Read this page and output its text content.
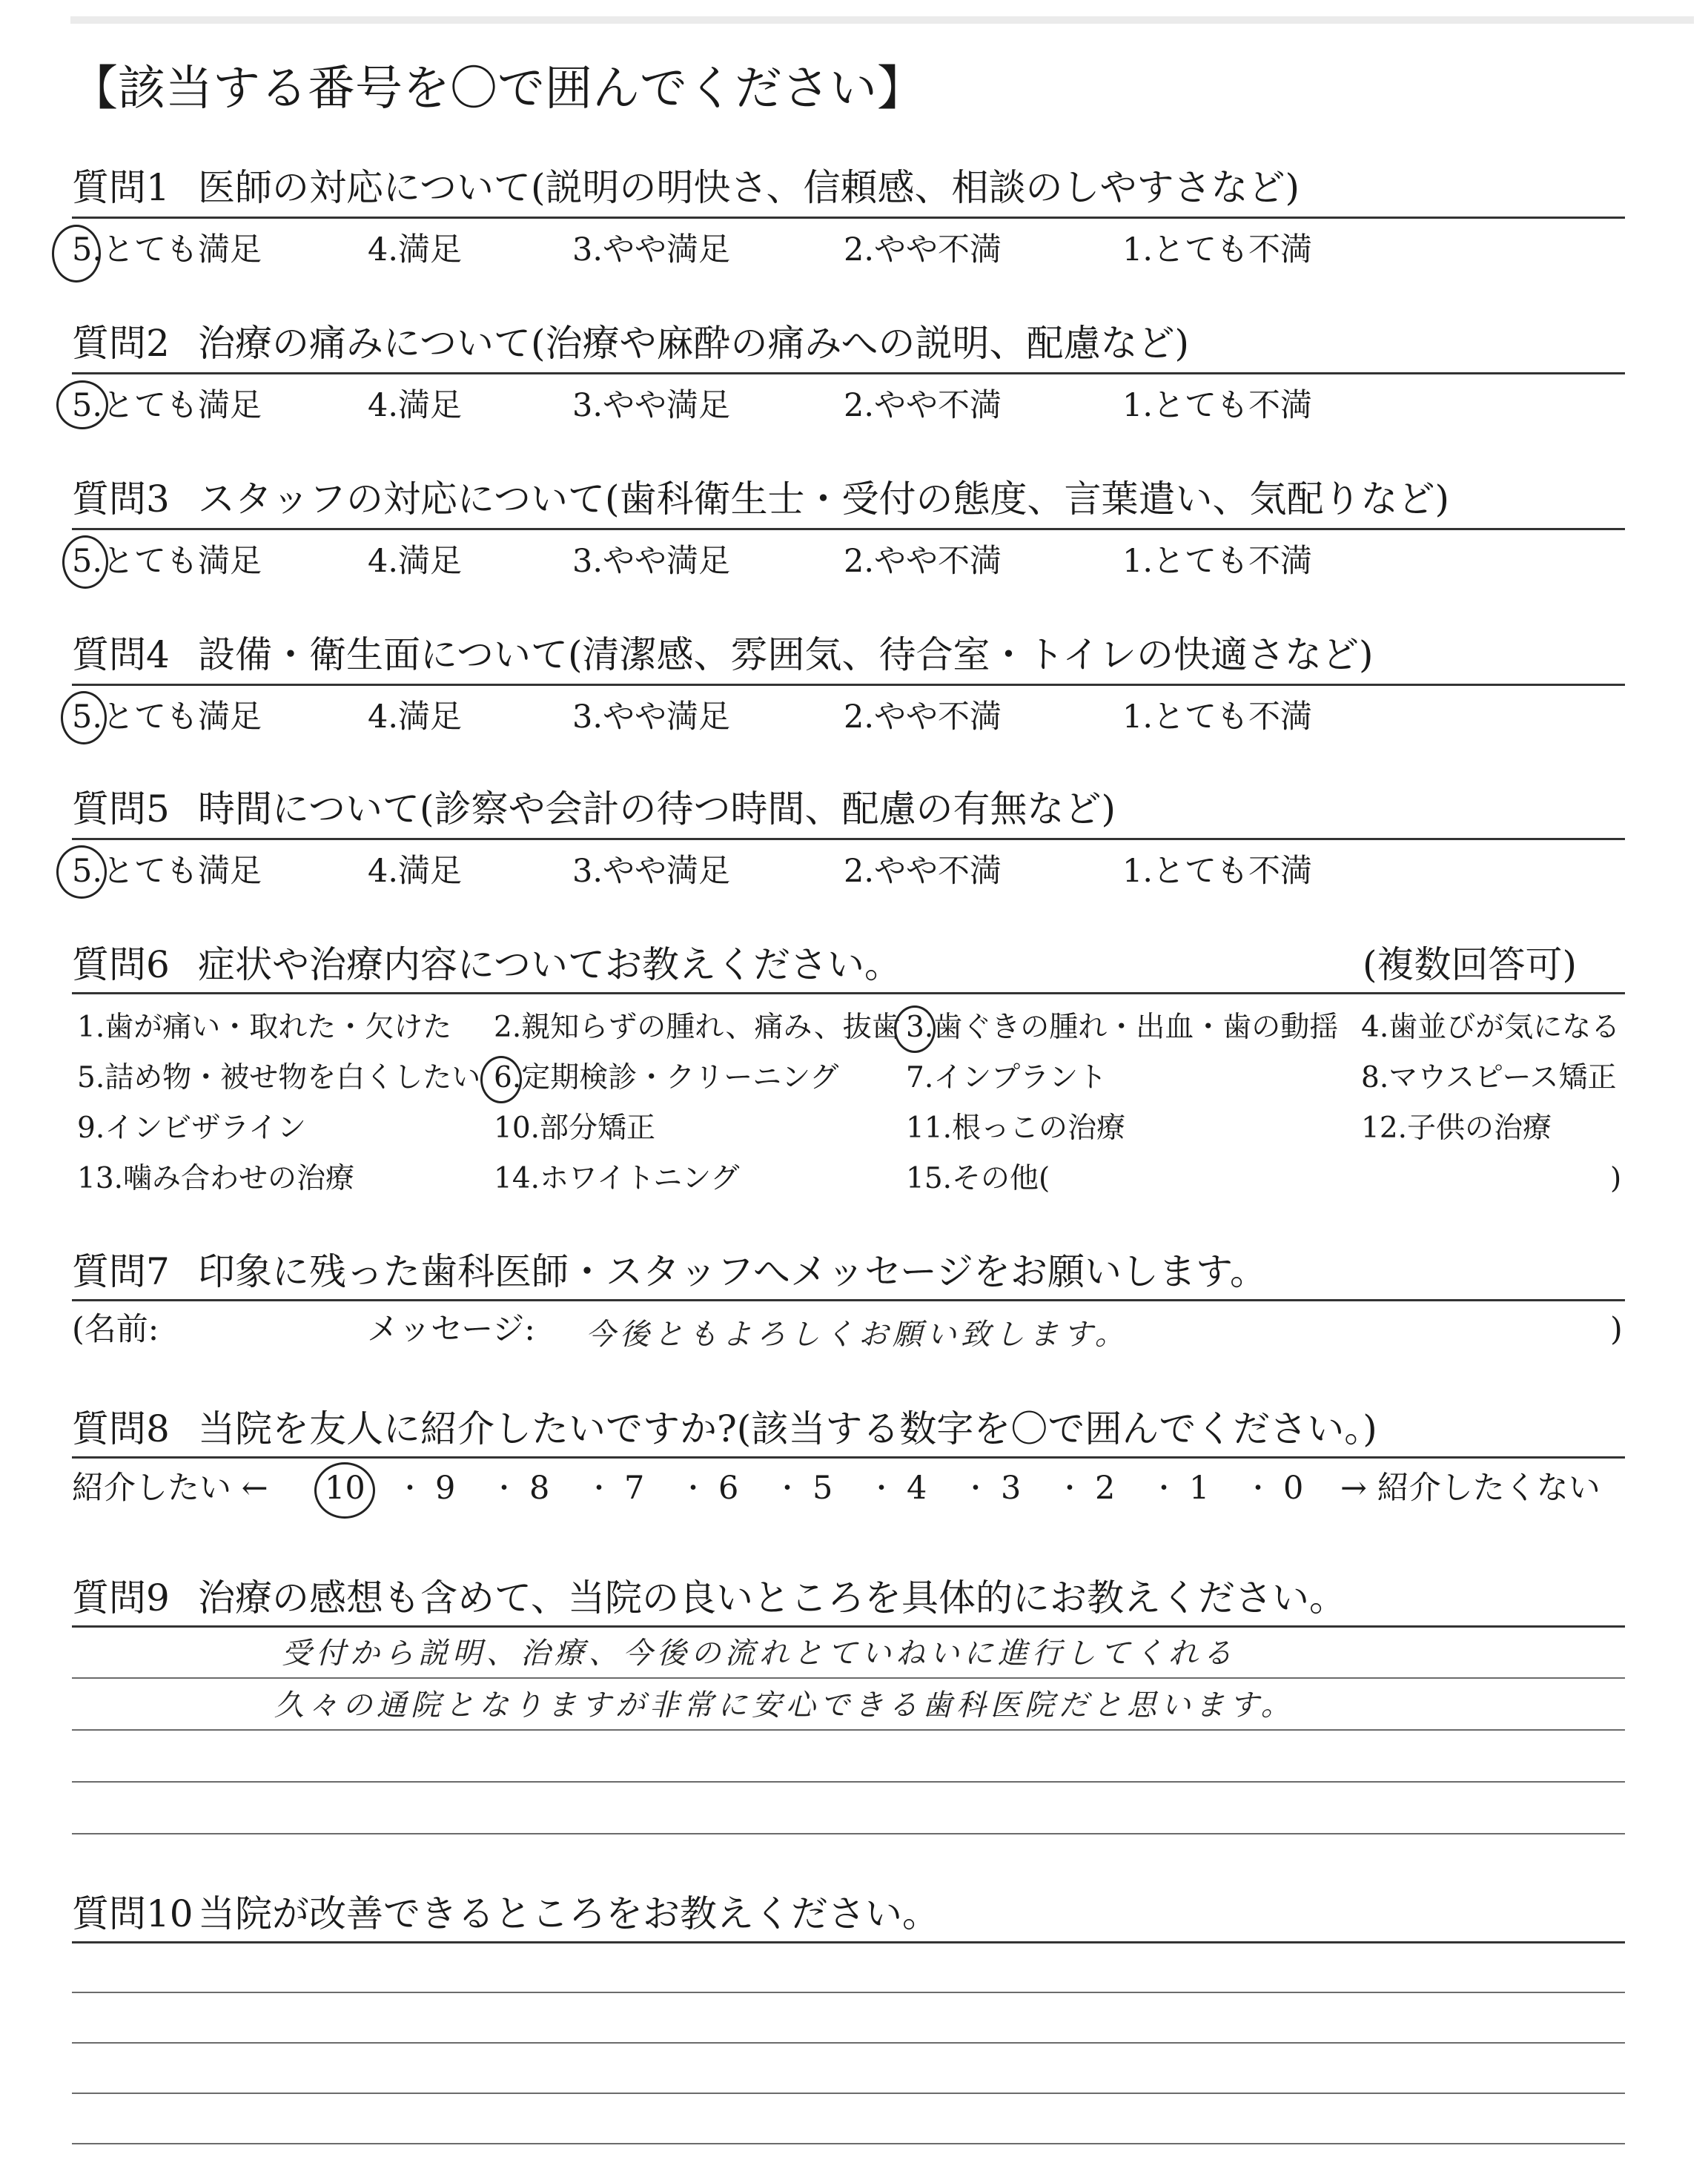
【該当する番号を〇で囲んでください】
質問1 医師の対応について(説明の明快さ、信頼感、相談のしやすさなど)
5.とても満足	4.満足	3.やや満足	2.やや不満	1.とても不満
質問2 治療の痛みについて(治療や麻酔の痛みへの説明、配慮など)
5.とても満足	4.満足	3.やや満足	2.やや不満	1.とても不満
質問3 スタッフの対応について(歯科衛生士・受付の態度、言葉遣い、気配りなど)
5.とても満足	4.満足	3.やや満足	2.やや不満	1.とても不満
質問4 設備・衛生面について(清潔感、雰囲気、待合室・トイレの快適さなど)
5.とても満足	4.満足	3.やや満足	2.やや不満	1.とても不満
質問5 時間について(診察や会計の待つ時間、配慮の有無など)
5.とても満足	4.満足	3.やや満足	2.やや不満	1.とても不満
質問6 症状や治療内容についてお教えください。	(複数回答可)
1.歯が痛い・取れた・欠けた 2.親知らずの腫れ、痛み、抜歯 3.歯ぐきの腫れ・出血・歯の動揺 4.歯並びが気になる
5.詰め物・被せ物を白くしたい 6.定期検診・クリーニング 7.インプラント	8.マウスピース矯正
9.インビザライン	10.部分矯正	11.根っこの治療	12.子供の治療
13.噛み合わせの治療	14.ホワイトニング	15.その他(	)
質問7 印象に残った歯科医師・スタッフへメッセージをお願いします。
(名前:	メッセージ: 今後ともよろしくお願い致します。	)
質問8 当院を友人に紹介したいですか?(該当する数字を〇で囲んでください。)
紹介したい ← 10 ・ 9 ・ 8 ・ 7 ・ 6 ・ 5 ・ 4 ・ 3 ・ 2 ・ 1 ・ 0 → 紹介したくない
質問9 治療の感想も含めて、当院の良いところを具体的にお教えください。
受付から説明、治療、今後の流れとていねいに進行してくれる
久々の通院となりますが非常に安心できる歯科医院だと思います。
質問10 当院が改善できるところをお教えください。
